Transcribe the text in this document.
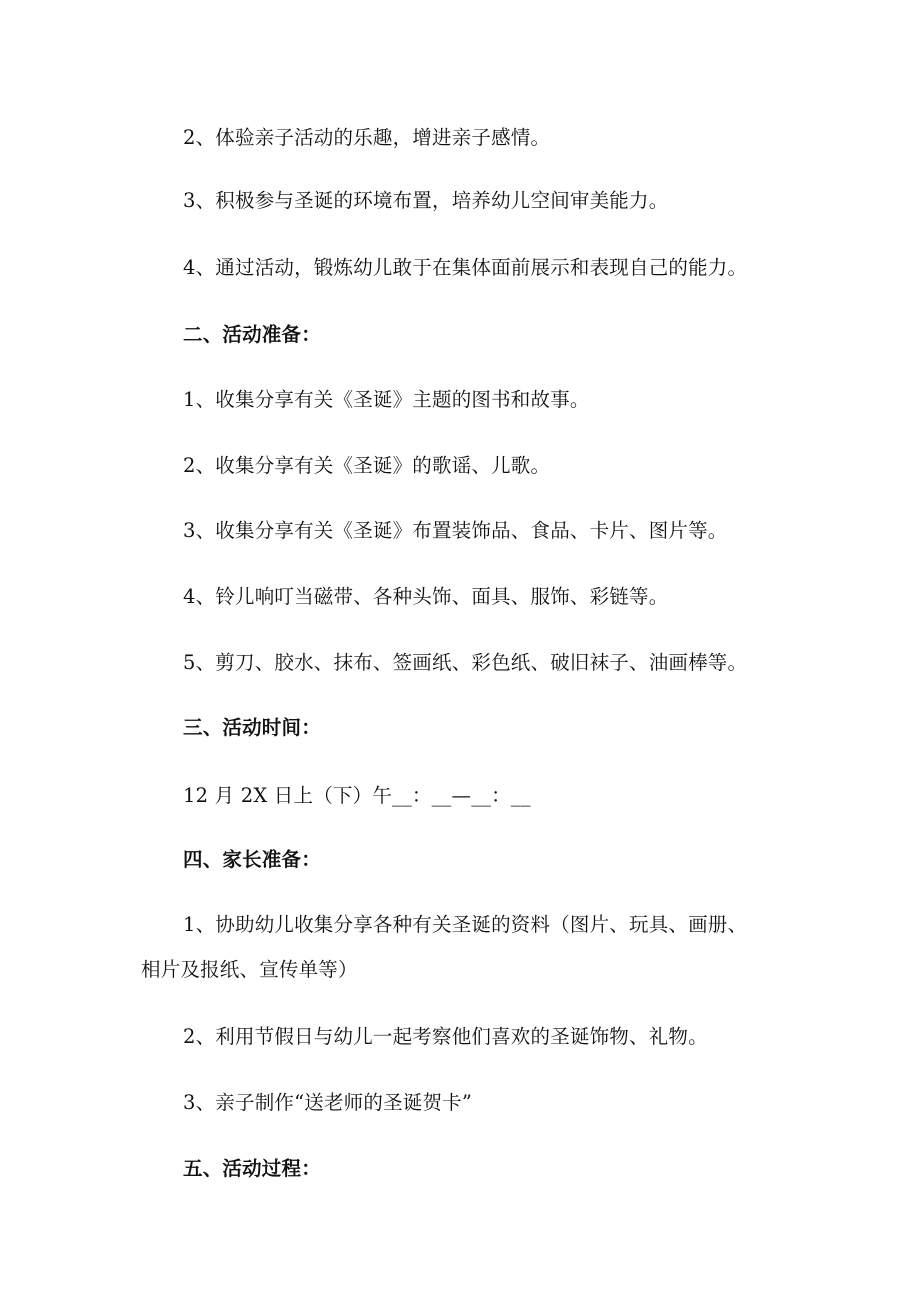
2、体验亲子活动的乐趣，增进亲子感情。
3、积极参与圣诞的环境布置，培养幼儿空间审美能力。
4、通过活动，锻炼幼儿敢于在集体面前展示和表现自己的能力。
二、活动准备：
1、收集分享有关《圣诞》主题的图书和故事。
2、收集分享有关《圣诞》的歌谣、儿歌。
3、收集分享有关《圣诞》布置装饰品、食品、卡片、图片等。
4、铃儿响叮当磁带、各种头饰、面具、服饰、彩链等。
5、剪刀、胶水、抹布、签画纸、彩色纸、破旧袜子、油画棒等。
三、活动时间：
12 月 2X 日上（下）午__：__—__：__
四、家长准备：
1、协助幼儿收集分享各种有关圣诞的资料（图片、玩具、画册、
相片及报纸、宣传单等）
2、利用节假日与幼儿一起考察他们喜欢的圣诞饰物、礼物。
3、亲子制作“送老师的圣诞贺卡”
五、活动过程：
